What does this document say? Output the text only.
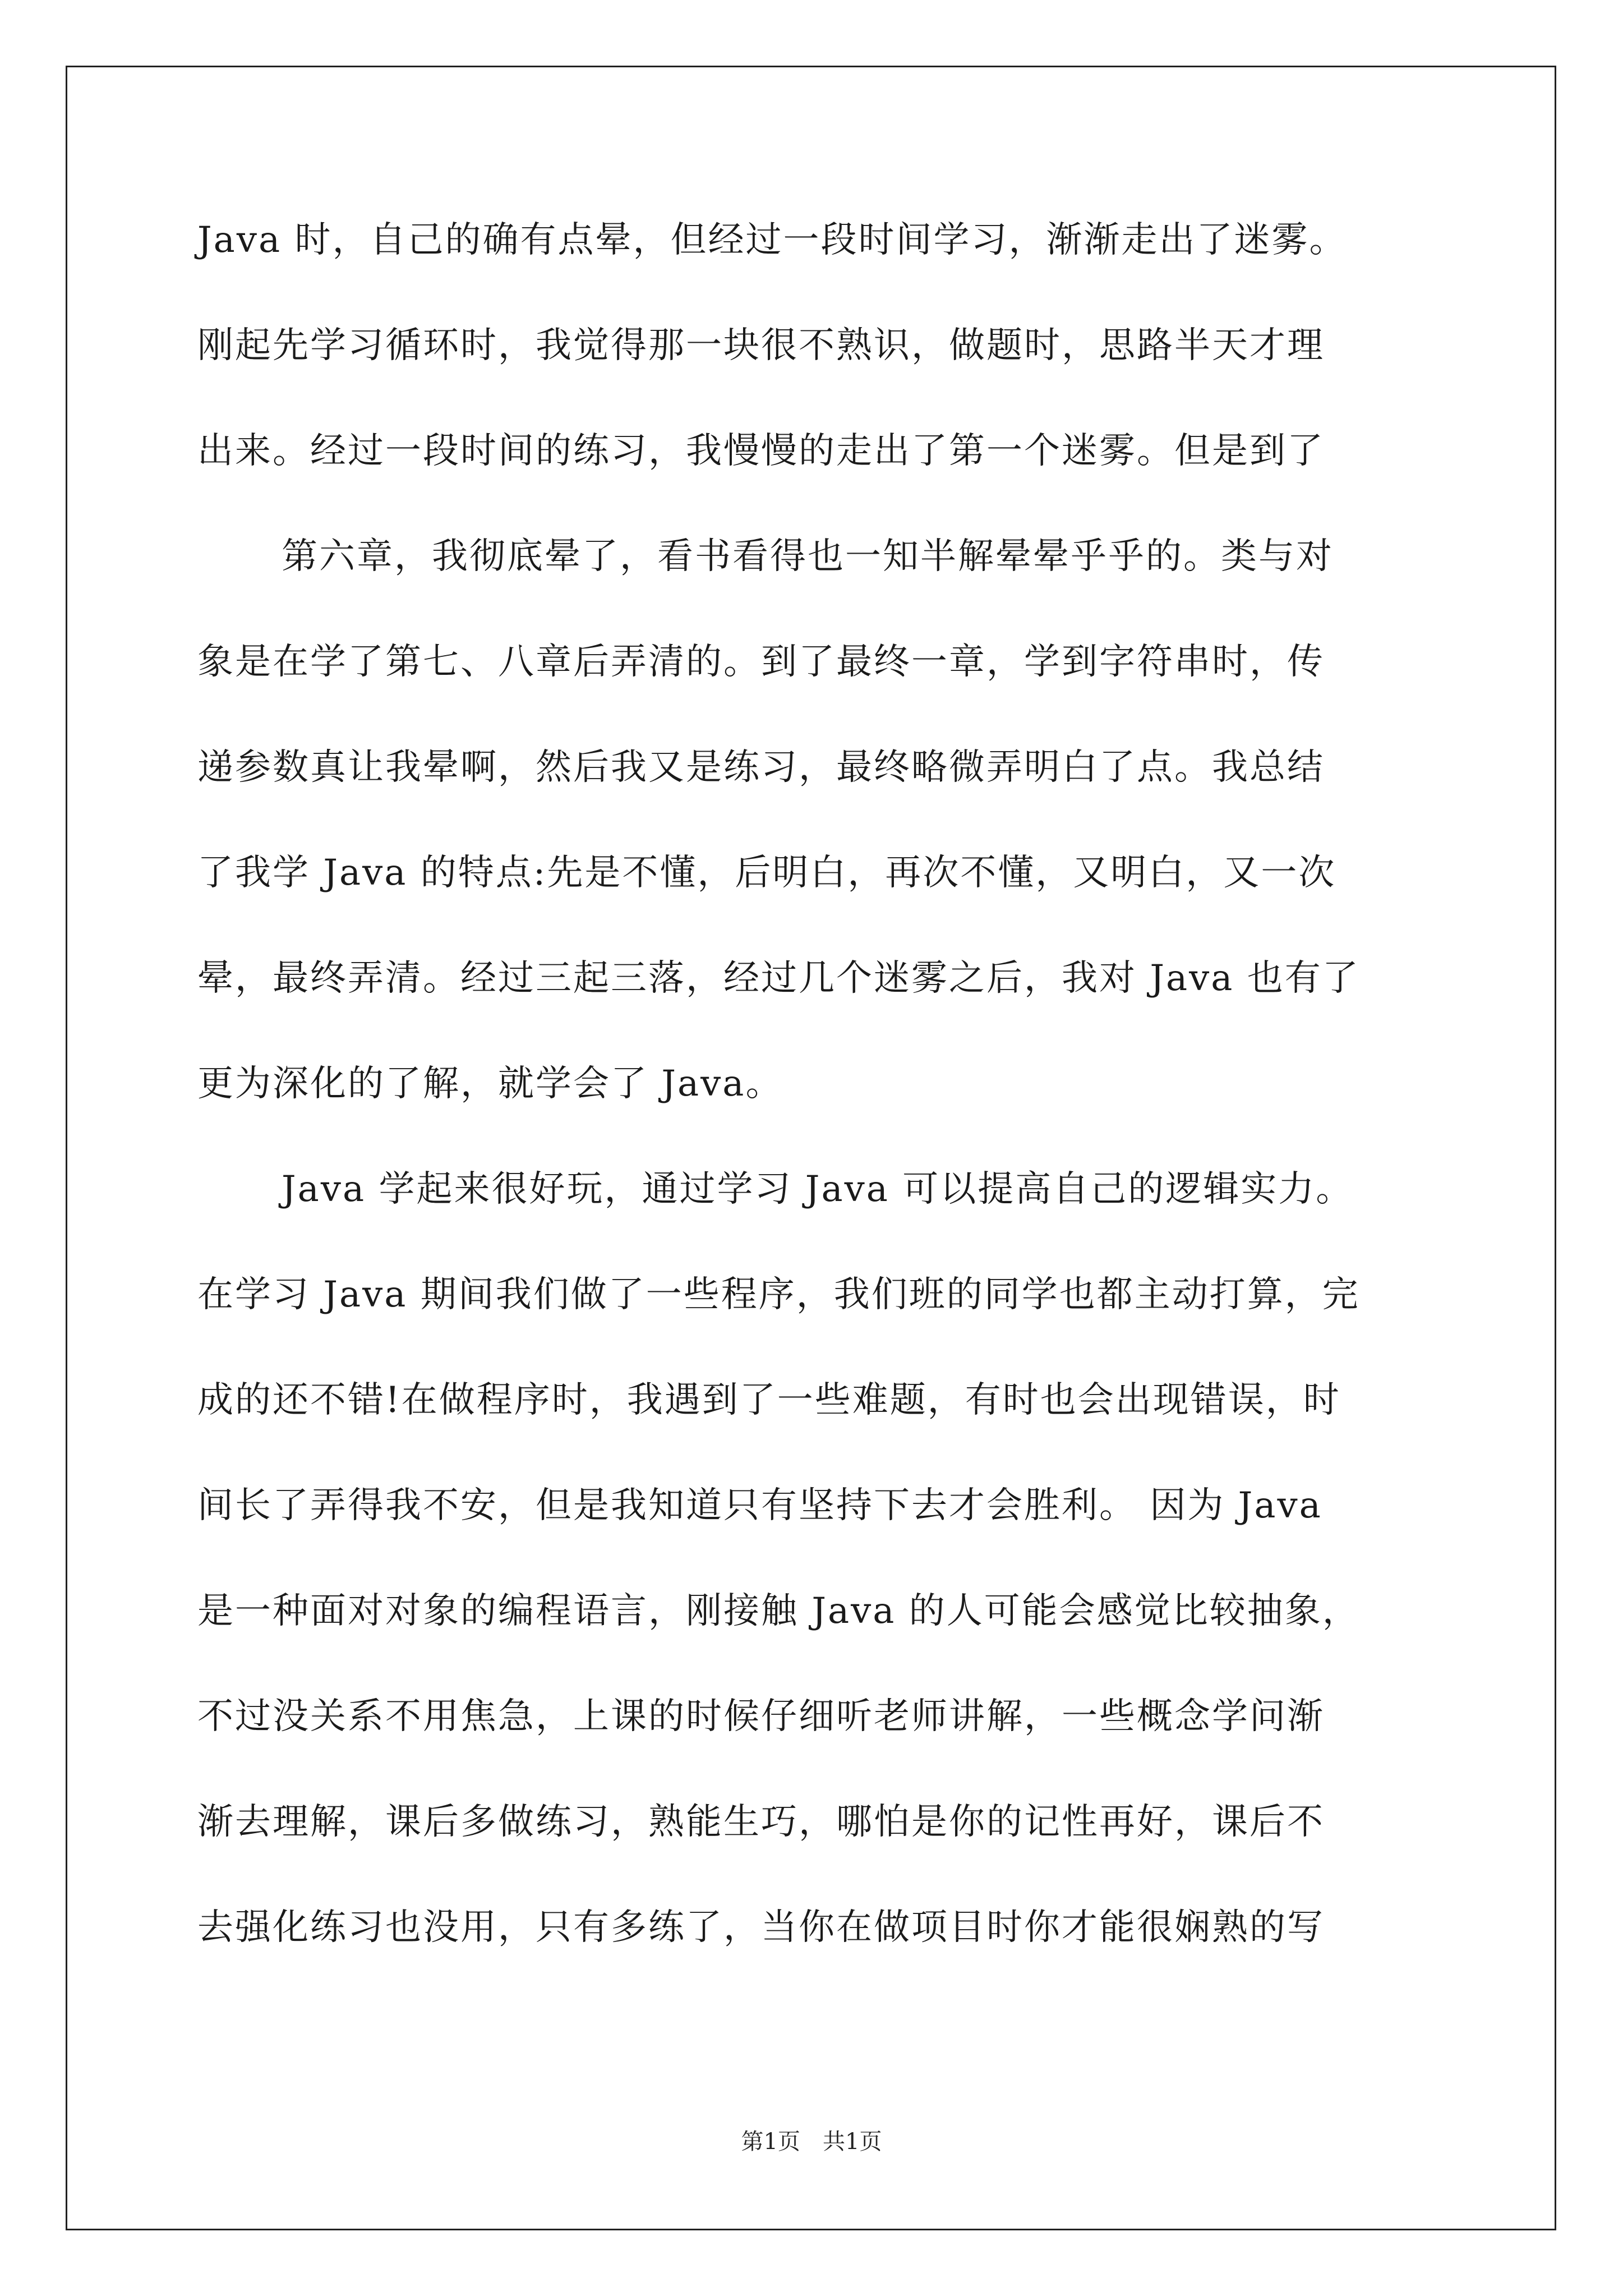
Java 时，自己的确有点晕，但经过一段时间学习，渐渐走出了迷雾。
刚起先学习循环时，我觉得那一块很不熟识，做题时，思路半天才理
出来。经过一段时间的练习，我慢慢的走出了第一个迷雾。但是到了
第六章，我彻底晕了，看书看得也一知半解晕晕乎乎的。类与对
象是在学了第七、八章后弄清的。到了最终一章，学到字符串时，传
递参数真让我晕啊，然后我又是练习，最终略微弄明白了点。我总结
了我学 Java 的特点:先是不懂，后明白，再次不懂，又明白，又一次
晕，最终弄清。经过三起三落，经过几个迷雾之后，我对 Java 也有了
更为深化的了解，就学会了 Java。
Java 学起来很好玩，通过学习 Java 可以提高自己的逻辑实力。
在学习 Java 期间我们做了一些程序，我们班的同学也都主动打算，完
成的还不错!在做程序时，我遇到了一些难题，有时也会出现错误，时
间长了弄得我不安，但是我知道只有坚持下去才会胜利。 因为 Java
是一种面对对象的编程语言，刚接触 Java 的人可能会感觉比较抽象，
不过没关系不用焦急，上课的时候仔细听老师讲解，一些概念学问渐
渐去理解，课后多做练习，熟能生巧，哪怕是你的记性再好，课后不
去强化练习也没用，只有多练了，当你在做项目时你才能很娴熟的写
第1页　共1页
